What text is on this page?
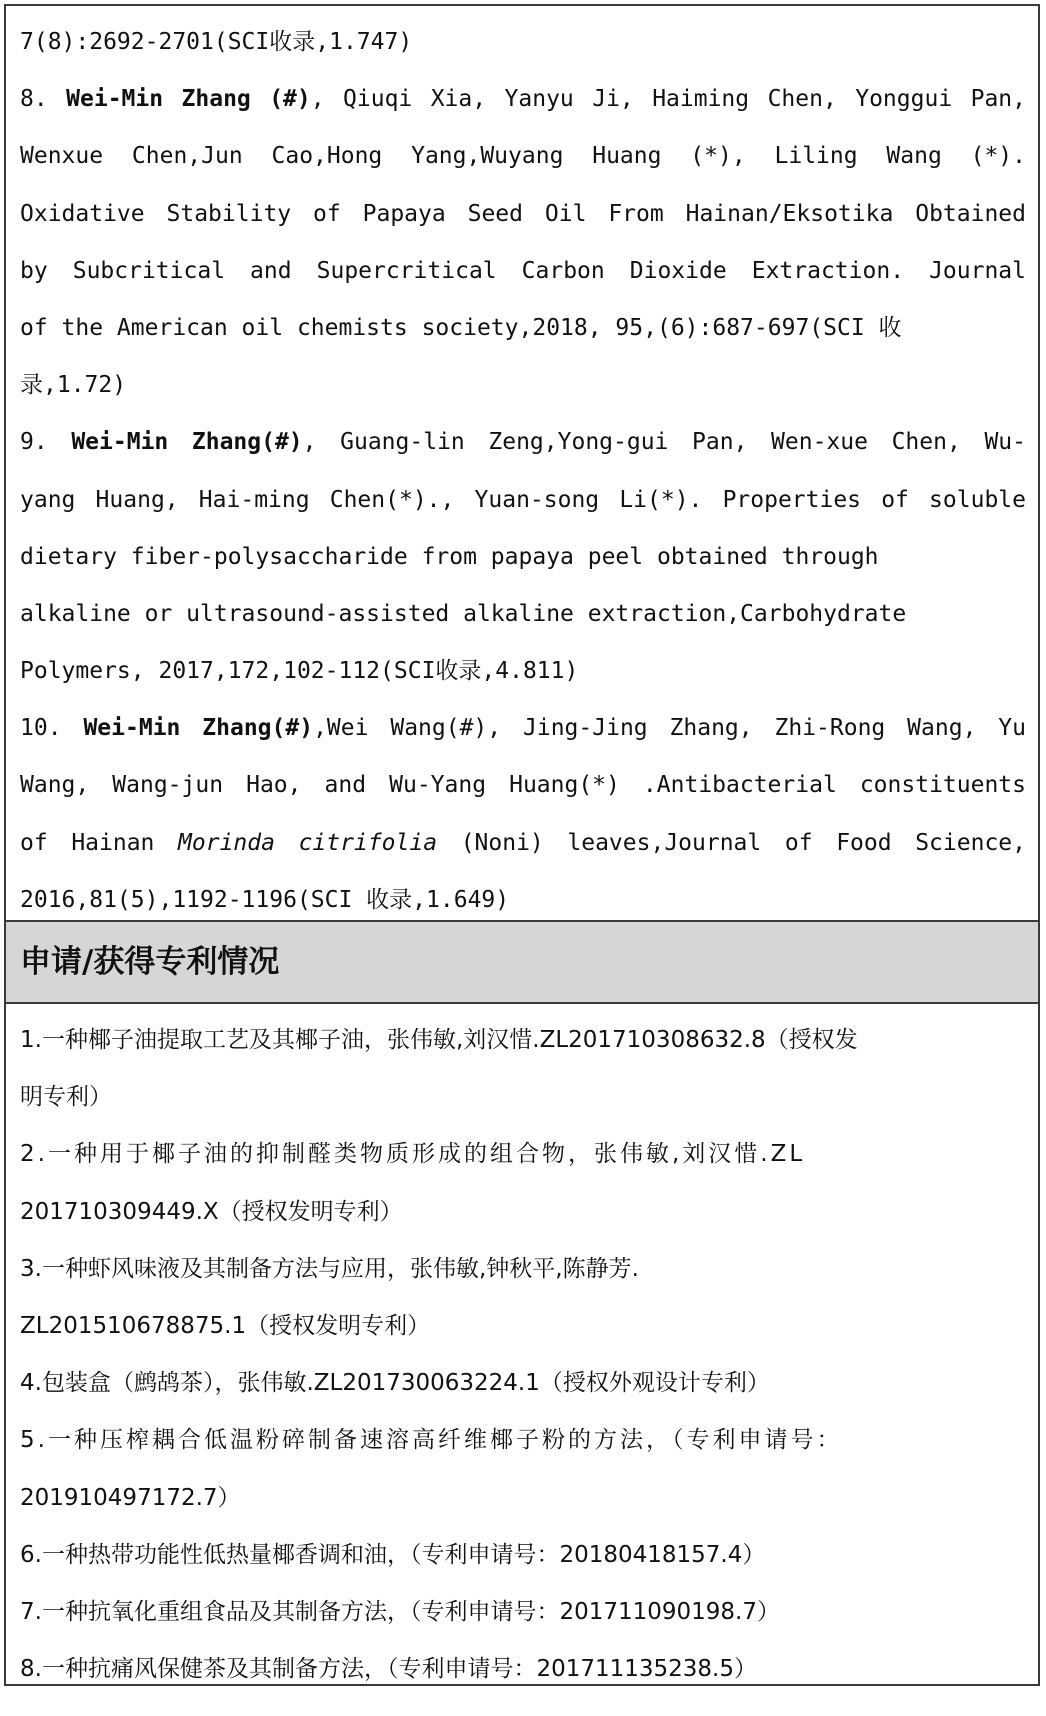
7(8):2692-2701(SCI收录,1.747)
8. Wei-Min Zhang (#), Qiuqi Xia, Yanyu Ji, Haiming Chen, Yonggui Pan,
Wenxue Chen,Jun Cao,Hong Yang,Wuyang Huang (*), Liling Wang (*).
Oxidative Stability of Papaya Seed Oil From Hainan/Eksotika Obtained
by Subcritical and Supercritical Carbon Dioxide Extraction. Journal
of the American oil chemists society,2018, 95,(6):687-697(SCI 收
录,1.72)
9. Wei-Min Zhang(#), Guang-lin Zeng,Yong-gui Pan, Wen-xue Chen, Wu-
yang Huang, Hai-ming Chen(*)., Yuan-song Li(*). Properties of soluble
dietary fiber-polysaccharide from papaya peel obtained through
alkaline or ultrasound-assisted alkaline extraction,Carbohydrate
Polymers, 2017,172,102-112(SCI收录,4.811)
10. Wei-Min Zhang(#),Wei Wang(#), Jing-Jing Zhang, Zhi-Rong Wang, Yu
Wang, Wang-jun Hao, and Wu-Yang Huang(*) .Antibacterial constituents
of Hainan Morinda citrifolia (Noni) leaves,Journal of Food Science,
2016,81(5),1192-1196(SCI 收录,1.649)
申请/获得专利情况
1.一种椰子油提取工艺及其椰子油，张伟敏,刘汉惜.ZL201710308632.8（授权发
明专利）
2.一种用于椰子油的抑制醛类物质形成的组合物，张伟敏,刘汉惜.ZL
201710309449.X（授权发明专利）
3.一种虾风味液及其制备方法与应用，张伟敏,钟秋平,陈静芳.
ZL201510678875.1（授权发明专利）
4.包装盒（鹧鸪茶），张伟敏.ZL201730063224.1（授权外观设计专利）
5.一种压榨耦合低温粉碎制备速溶高纤维椰子粉的方法，（专利申请号：
201910497172.7）
6.一种热带功能性低热量椰香调和油，（专利申请号：20180418157.4）
7.一种抗氧化重组食品及其制备方法，（专利申请号：201711090198.7）
8.一种抗痛风保健茶及其制备方法，（专利申请号：201711135238.5）
